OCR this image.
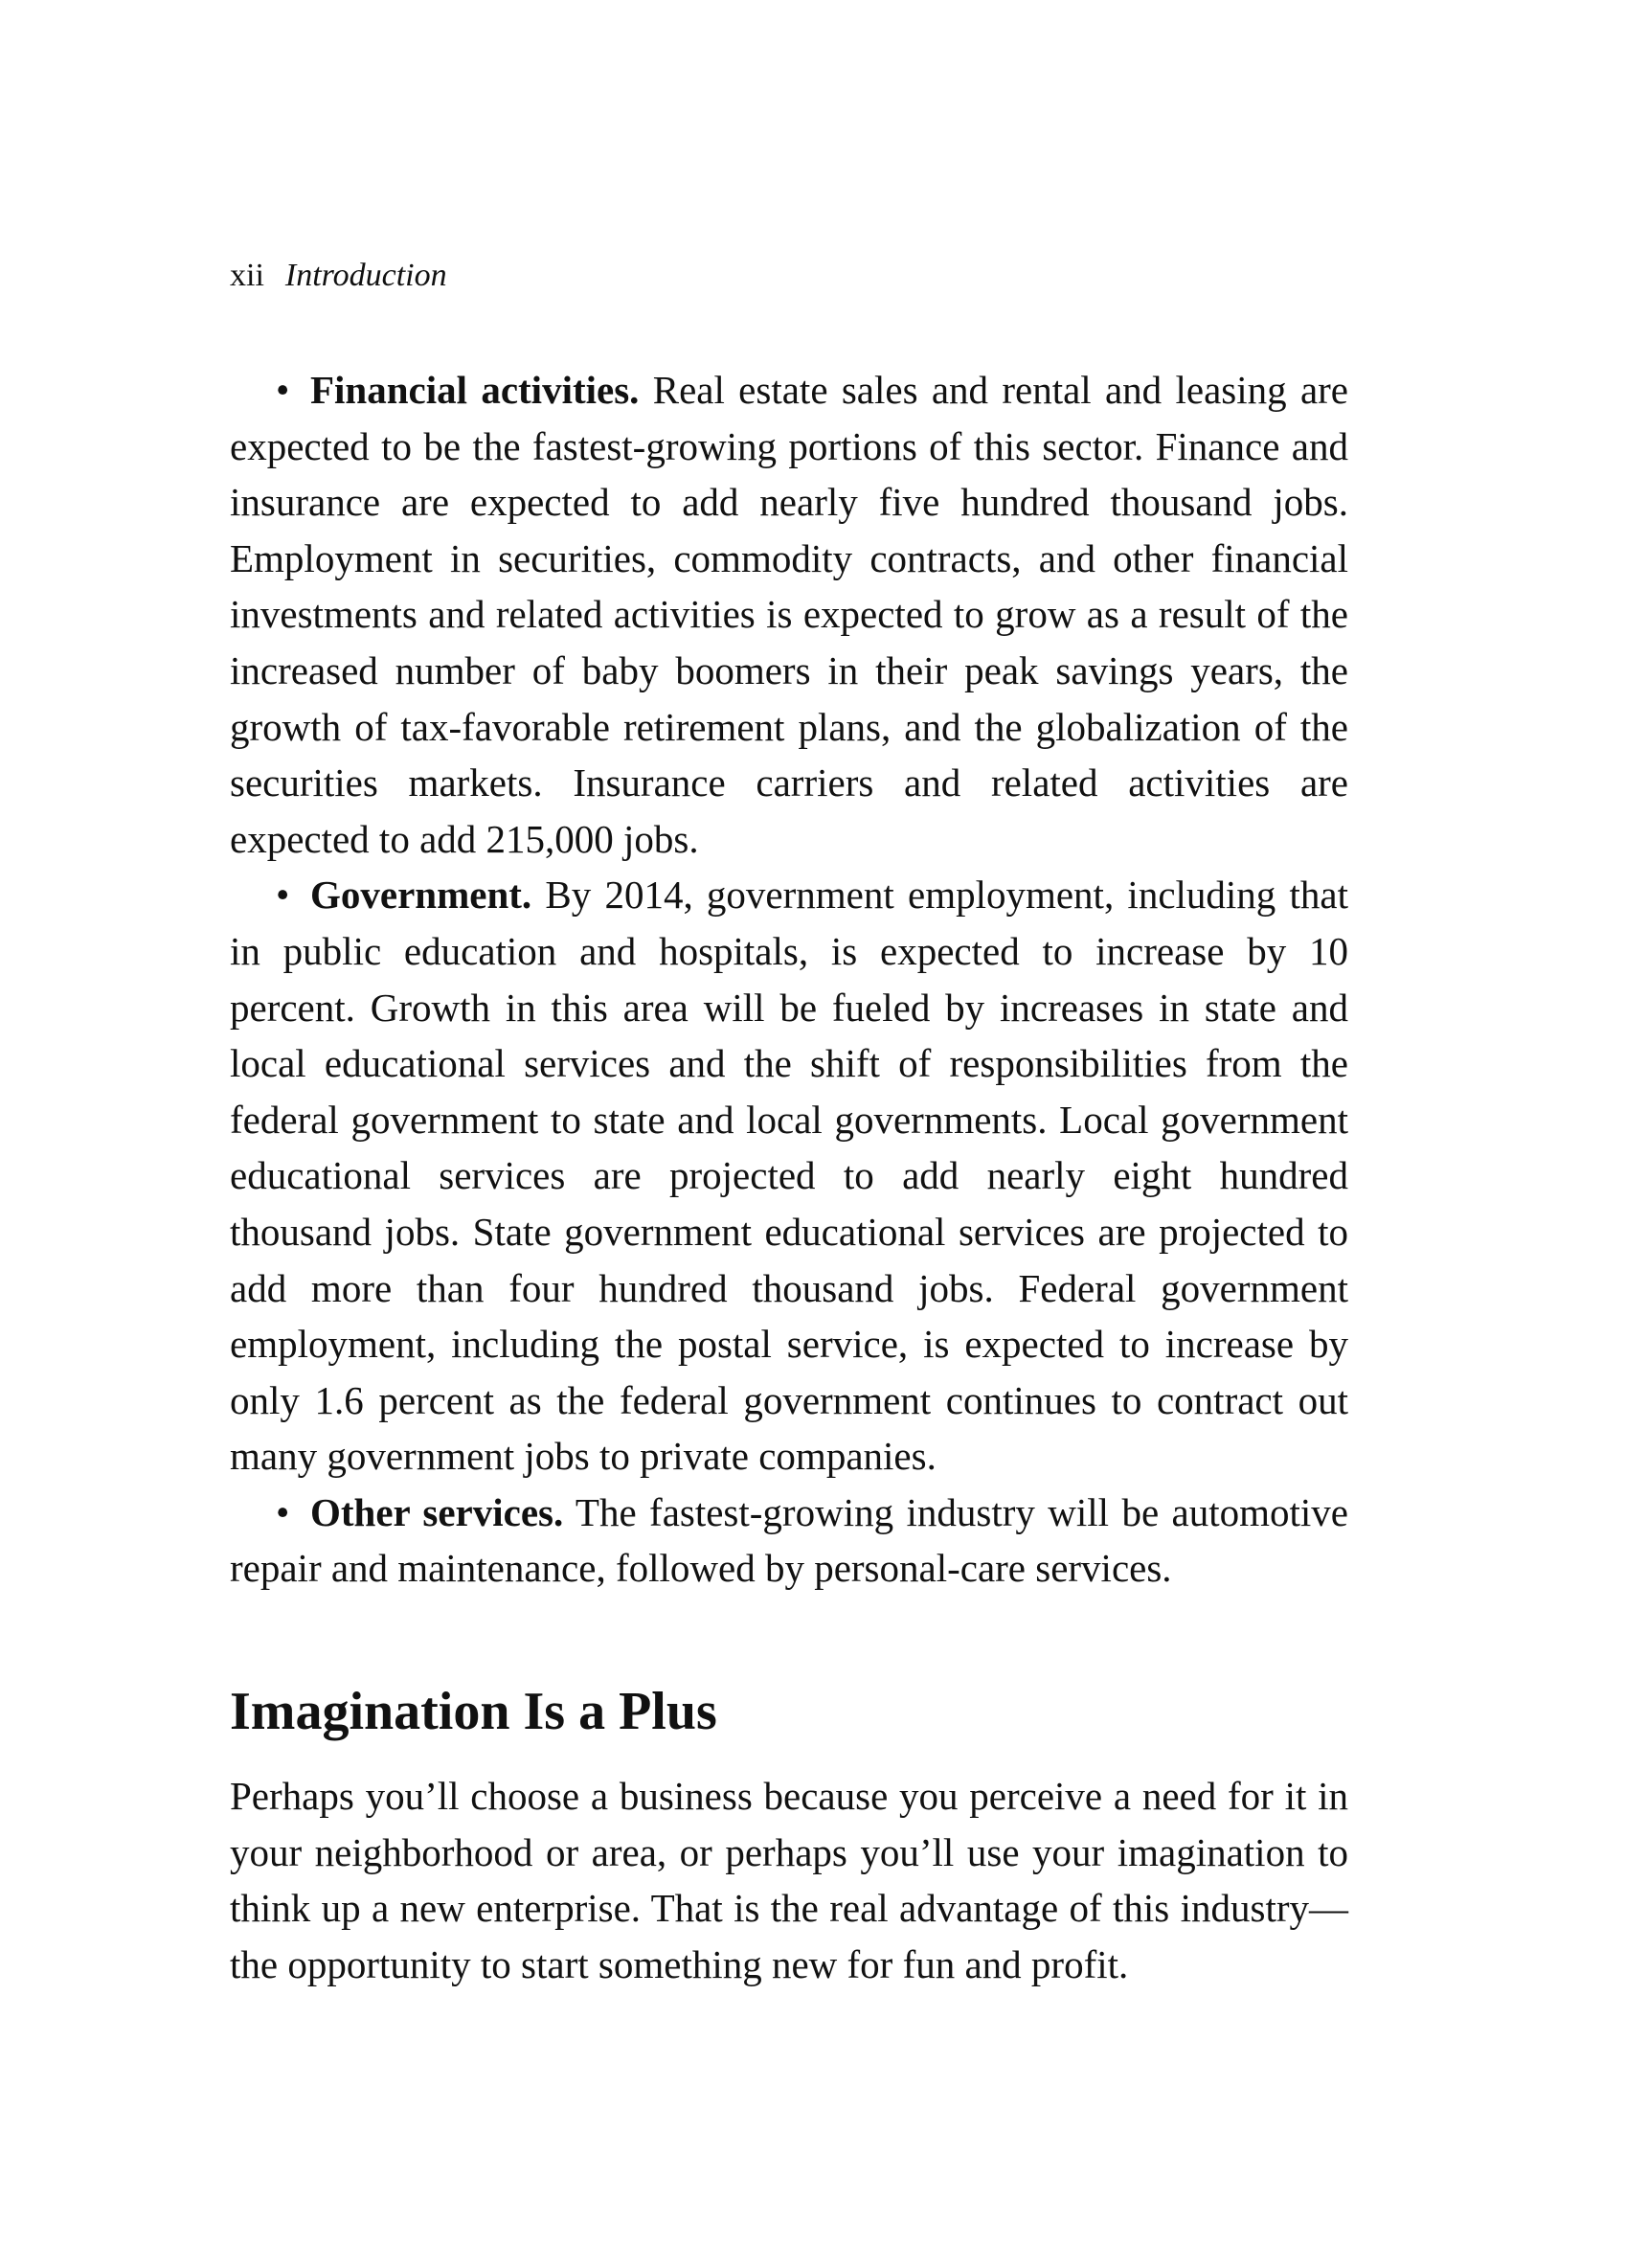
xii Introduction

• Financial activities. Real estate sales and rental and leasing are expected to be the fastest-growing portions of this sector. Finance and insurance are expected to add nearly five hundred thousand jobs. Employment in securities, commodity contracts, and other financial investments and related activities is expected to grow as a result of the increased number of baby boomers in their peak savings years, the growth of tax-favorable retirement plans, and the globalization of the securities markets. Insurance carriers and related activities are expected to add 215,000 jobs.

• Government. By 2014, government employment, including that in public education and hospitals, is expected to increase by 10 percent. Growth in this area will be fueled by increases in state and local educational services and the shift of responsibilities from the federal government to state and local governments. Local government educational services are projected to add nearly eight hundred thousand jobs. State government educational services are projected to add more than four hundred thousand jobs. Federal government employment, including the postal service, is expected to increase by only 1.6 percent as the federal government continues to contract out many government jobs to private companies.

• Other services. The fastest-growing industry will be automotive repair and maintenance, followed by personal-care services.

Imagination Is a Plus

Perhaps you’ll choose a business because you perceive a need for it in your neighborhood or area, or perhaps you’ll use your imagination to think up a new enterprise. That is the real advantage of this industry—the opportunity to start something new for fun and profit.
